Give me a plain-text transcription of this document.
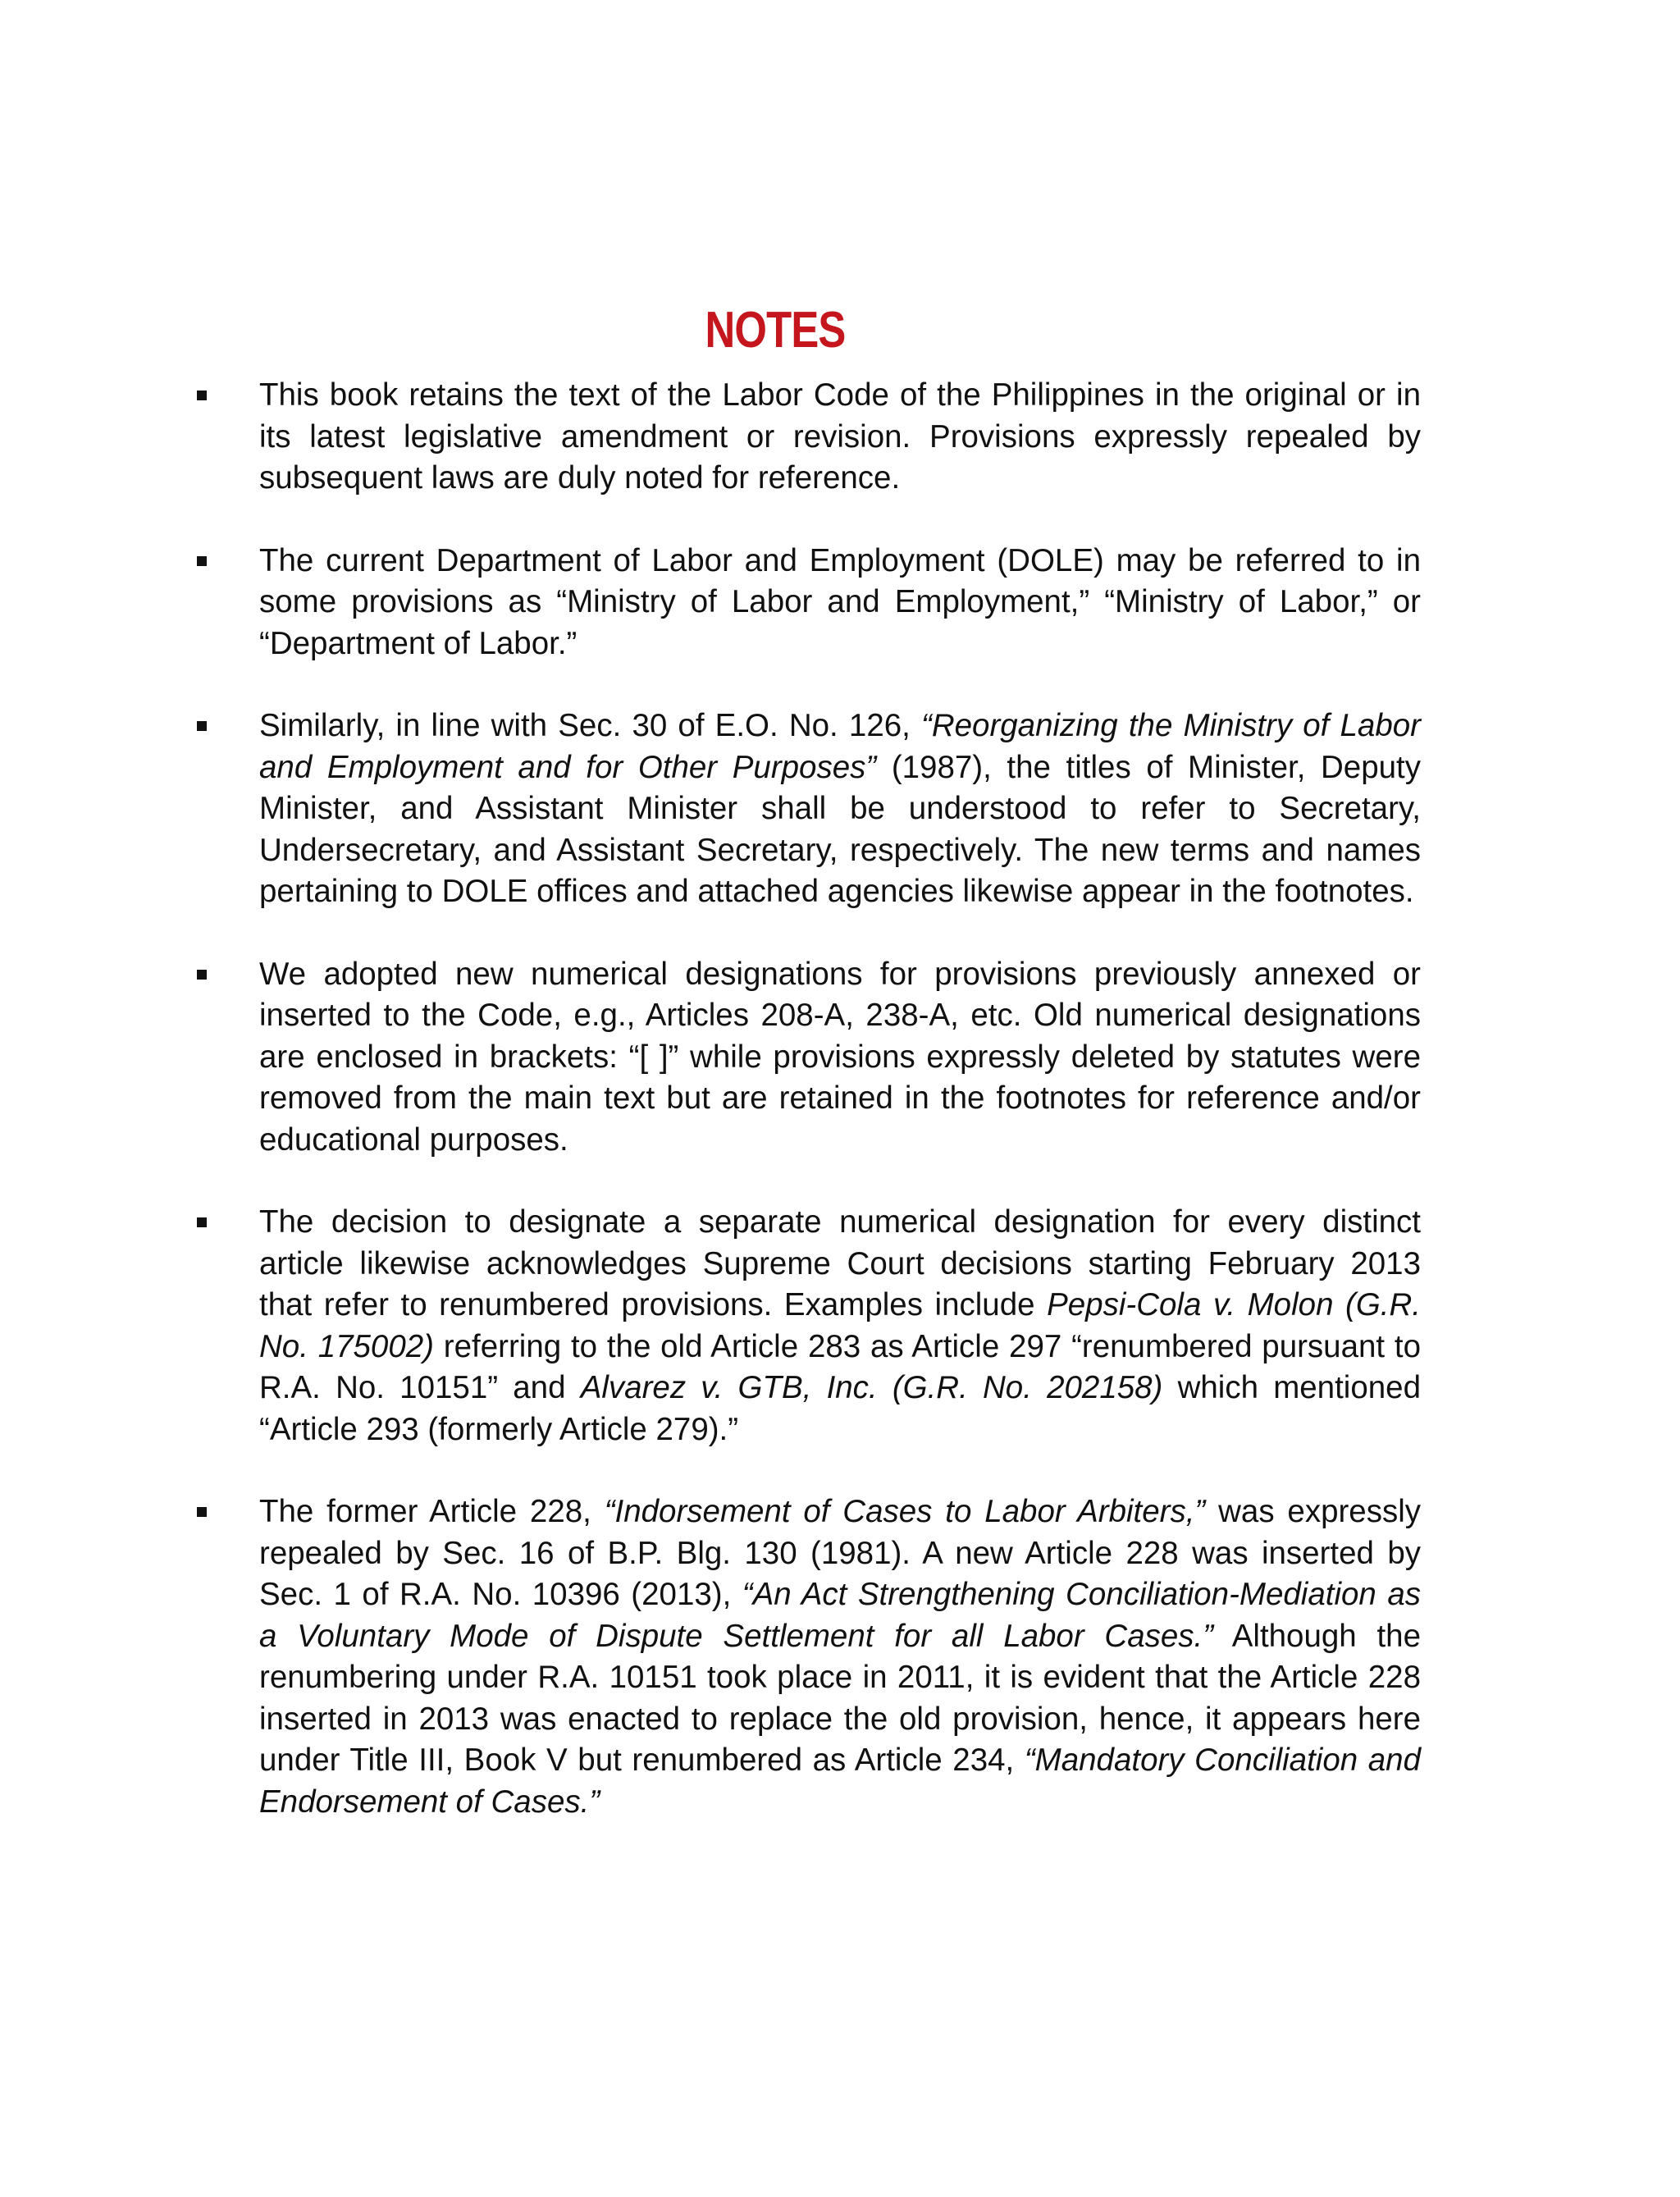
NOTES
This book retains the text of the Labor Code of the Philippines in the original or in its latest legislative amendment or revision. Provisions expressly repealed by subsequent laws are duly noted for reference.
The current Department of Labor and Employment (DOLE) may be referred to in some provisions as “Ministry of Labor and Employment,” “Ministry of Labor,” or “Department of Labor.”
Similarly, in line with Sec. 30 of E.O. No. 126, “Reorganizing the Ministry of Labor and Employment and for Other Purposes” (1987), the titles of Minister, Deputy Minister, and Assistant Minister shall be understood to refer to Secretary, Undersecretary, and Assistant Secretary, respectively. The new terms and names pertaining to DOLE offices and attached agencies likewise appear in the footnotes.
We adopted new numerical designations for provisions previously annexed or inserted to the Code, e.g., Articles 208-A, 238-A, etc. Old numerical designations are enclosed in brackets: “[ ]” while provisions expressly deleted by statutes were removed from the main text but are retained in the footnotes for reference and/or educational purposes.
The decision to designate a separate numerical designation for every distinct article likewise acknowledges Supreme Court decisions starting February 2013 that refer to renumbered provisions. Examples include Pepsi-Cola v. Molon (G.R. No. 175002) referring to the old Article 283 as Article 297 “renumbered pursuant to R.A. No. 10151” and Alvarez v. GTB, Inc. (G.R. No. 202158) which mentioned “Article 293 (formerly Article 279).”
The former Article 228, “Indorsement of Cases to Labor Arbiters,” was expressly repealed by Sec. 16 of B.P. Blg. 130 (1981). A new Article 228 was inserted by Sec. 1 of R.A. No. 10396 (2013), “An Act Strengthening Conciliation-Mediation as a Voluntary Mode of Dispute Settlement for all Labor Cases.” Although the renumbering under R.A. 10151 took place in 2011, it is evident that the Article 228 inserted in 2013 was enacted to replace the old provision, hence, it appears here under Title III, Book V but renumbered as Article 234, “Mandatory Conciliation and Endorsement of Cases.”
